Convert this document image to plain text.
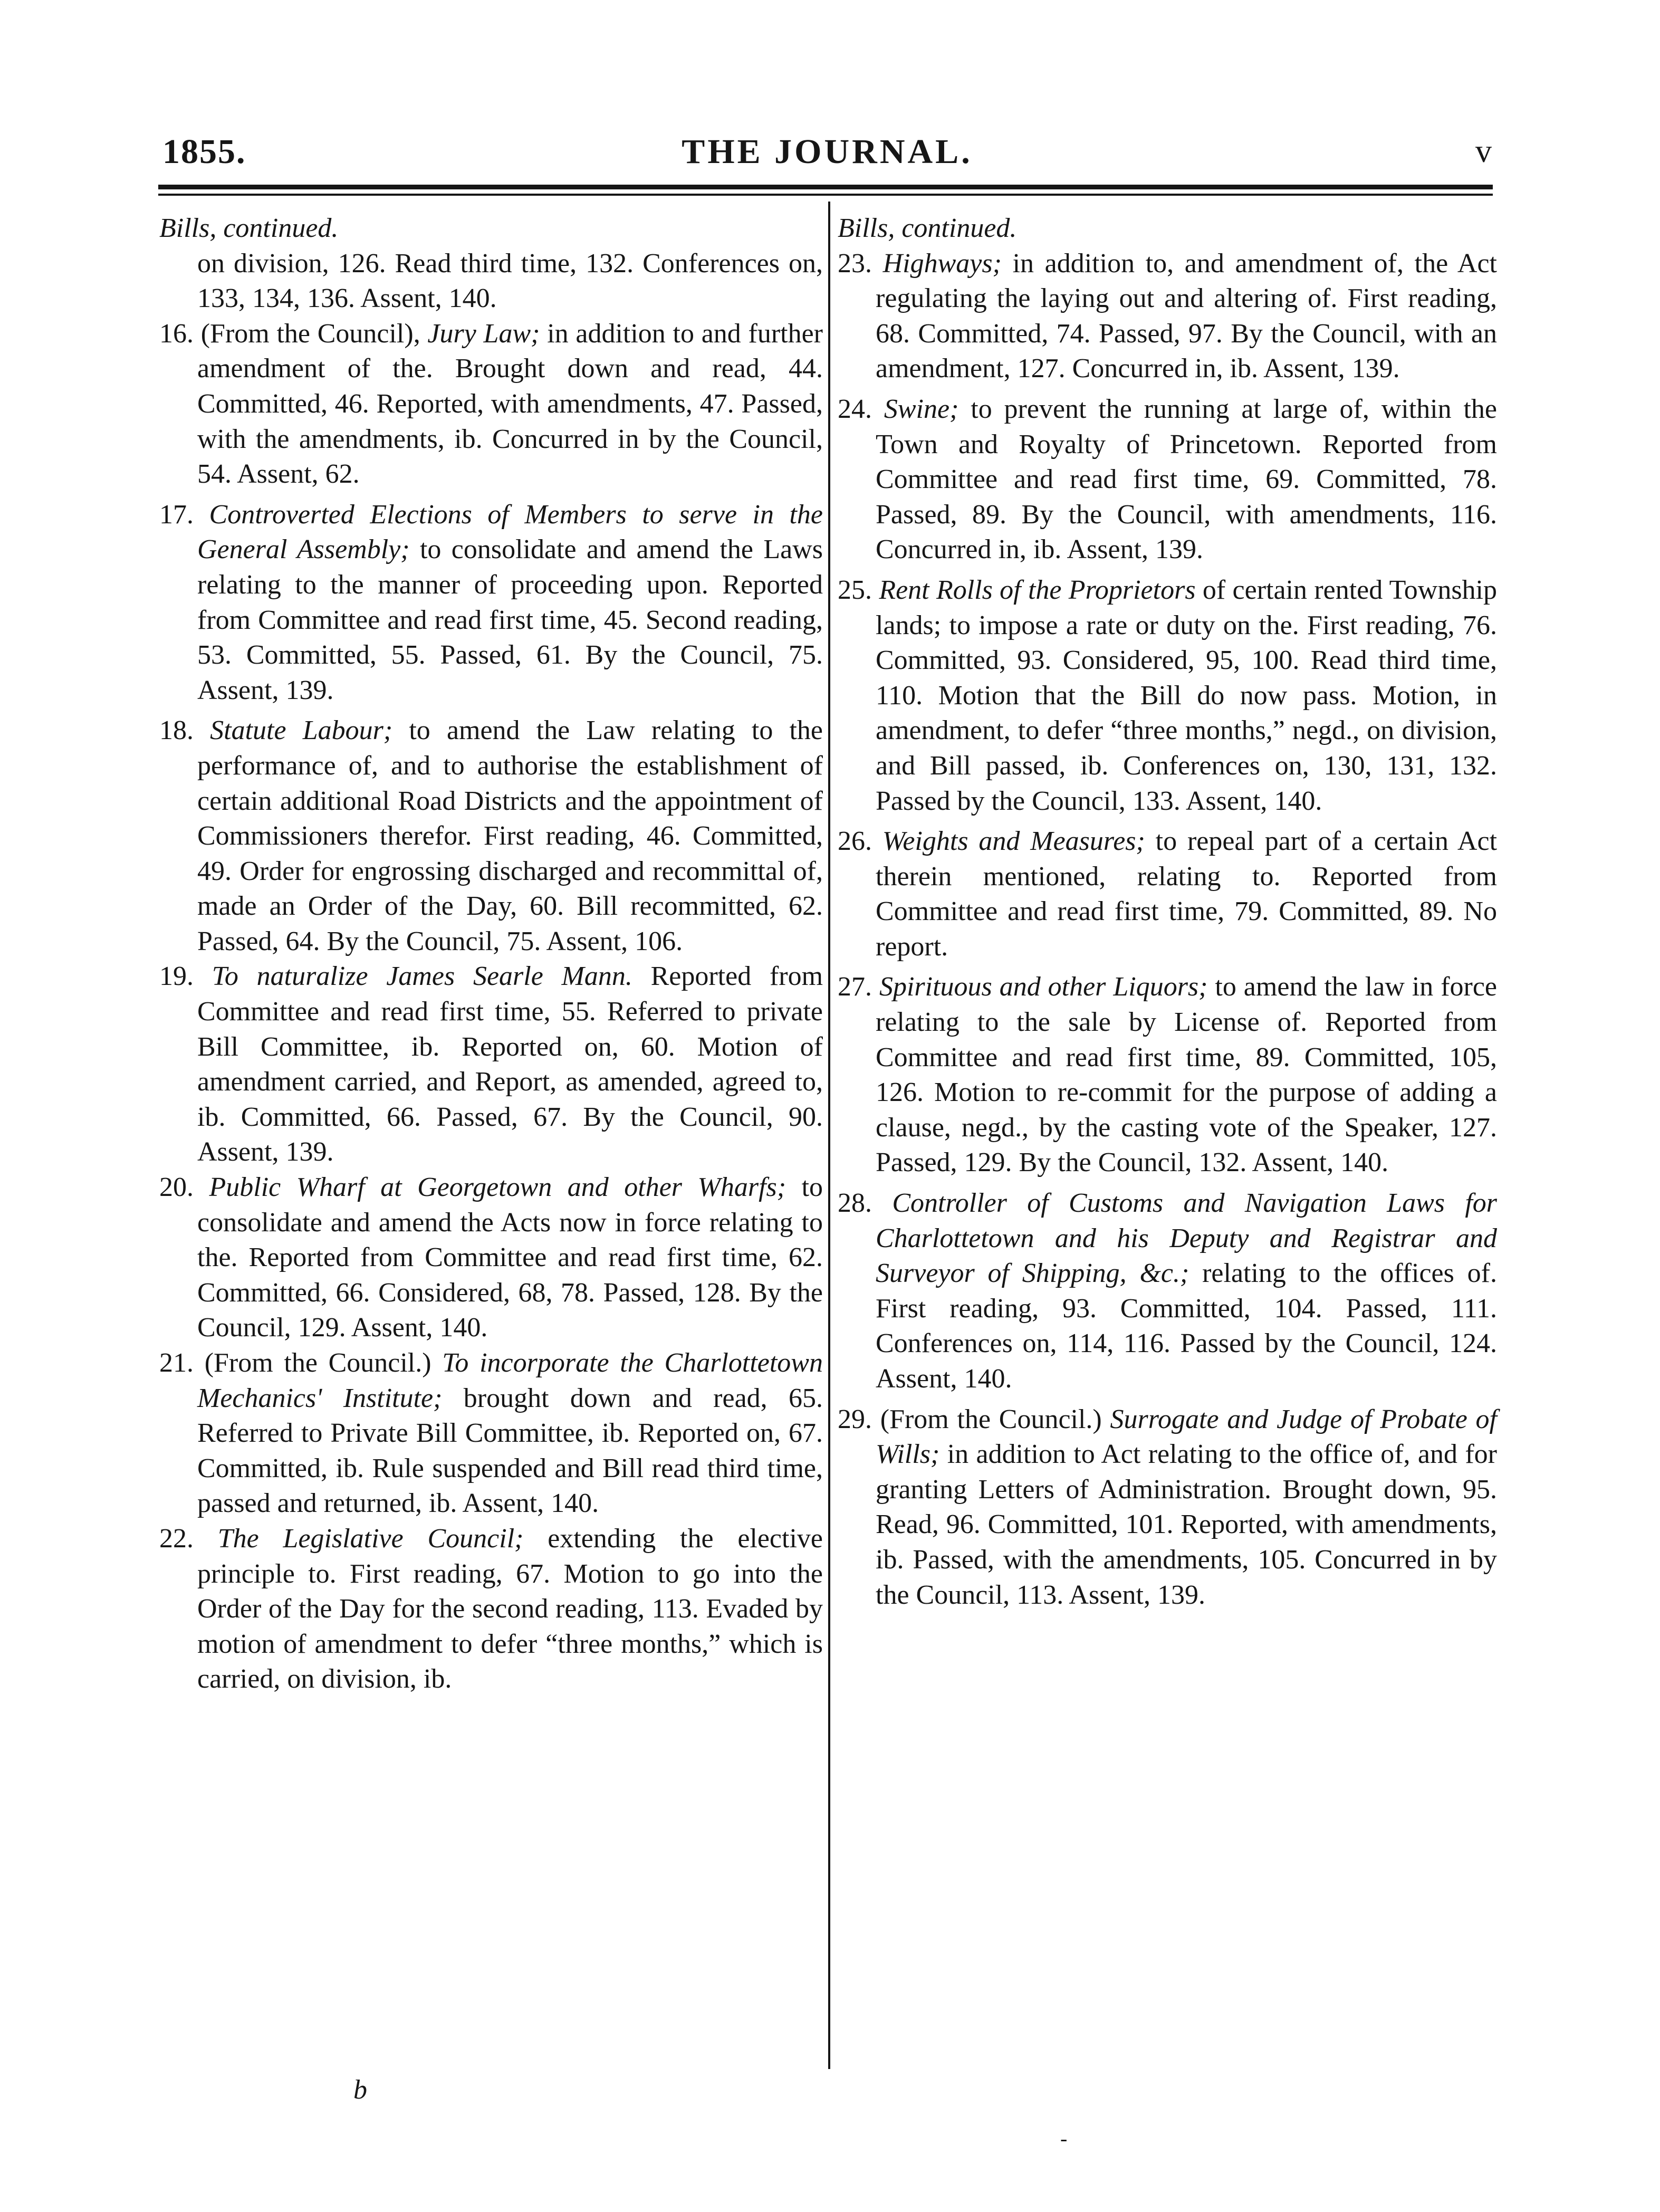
1855.	THE JOURNAL.	v
Bills, continued.
on division, 126. Read third time, 132. Conferences on, 133, 134, 136. Assent, 140.
16. (From the Council), Jury Law; in addition to and further amendment of the. Brought down and read, 44. Committed, 46. Reported, with amendments, 47. Passed, with the amendments, ib. Concurred in by the Council, 54. Assent, 62.
17. Controverted Elections of Members to serve in the General Assembly; to consolidate and amend the Laws relating to the manner of proceeding upon. Reported from Committee and read first time, 45. Second reading, 53. Committed, 55. Passed, 61. By the Council, 75. Assent, 139.
18. Statute Labour; to amend the Law relating to the performance of, and to authorise the establishment of certain additional Road Districts and the appointment of Commissioners therefor. First reading, 46. Committed, 49. Order for engrossing discharged and recommittal of, made an Order of the Day, 60. Bill recommitted, 62. Passed, 64. By the Council, 75. Assent, 106.
19. To naturalize James Searle Mann. Reported from Committee and read first time, 55. Referred to private Bill Committee, ib. Reported on, 60. Motion of amendment carried, and Report, as amended, agreed to, ib. Committed, 66. Passed, 67. By the Council, 90. Assent, 139.
20. Public Wharf at Georgetown and other Wharfs; to consolidate and amend the Acts now in force relating to the. Reported from Committee and read first time, 62. Committed, 66. Considered, 68, 78. Passed, 128. By the Council, 129. Assent, 140.
21. (From the Council.) To incorporate the Charlottetown Mechanics' Institute; brought down and read, 65. Referred to Private Bill Committee, ib. Reported on, 67. Committed, ib. Rule suspended and Bill read third time, passed and returned, ib. Assent, 140.
22. The Legislative Council; extending the elective principle to. First reading, 67. Motion to go into the Order of the Day for the second reading, 113. Evaded by motion of amendment to defer “three months,” which is carried, on division, ib.
b
Bills, continued.
23. Highways; in addition to, and amendment of, the Act regulating the laying out and altering of. First reading, 68. Committed, 74. Passed, 97. By the Council, with an amendment, 127. Concurred in, ib. Assent, 139.
24. Swine; to prevent the running at large of, within the Town and Royalty of Princetown. Reported from Committee and read first time, 69. Committed, 78. Passed, 89. By the Council, with amendments, 116. Concurred in, ib. Assent, 139.
25. Rent Rolls of the Proprietors of certain rented Township lands; to impose a rate or duty on the. First reading, 76. Committed, 93. Considered, 95, 100. Read third time, 110. Motion that the Bill do now pass. Motion, in amendment, to defer “three months,” negd., on division, and Bill passed, ib. Conferences on, 130, 131, 132. Passed by the Council, 133. Assent, 140.
26. Weights and Measures; to repeal part of a certain Act therein mentioned, relating to. Reported from Committee and read first time, 79. Committed, 89. No report.
27. Spirituous and other Liquors; to amend the law in force relating to the sale by License of. Reported from Committee and read first time, 89. Committed, 105, 126. Motion to re-commit for the purpose of adding a clause, negd., by the casting vote of the Speaker, 127. Passed, 129. By the Council, 132. Assent, 140.
28. Controller of Customs and Navigation Laws for Charlottetown and his Deputy and Registrar and Surveyor of Shipping, &c.; relating to the offices of. First reading, 93. Committed, 104. Passed, 111. Conferences on, 114, 116. Passed by the Council, 124. Assent, 140.
29. (From the Council.) Surrogate and Judge of Probate of Wills; in addition to Act relating to the office of, and for granting Letters of Administration. Brought down, 95. Read, 96. Committed, 101. Reported, with amendments, ib. Passed, with the amendments, 105. Concurred in by the Council, 113. Assent, 139.
-
